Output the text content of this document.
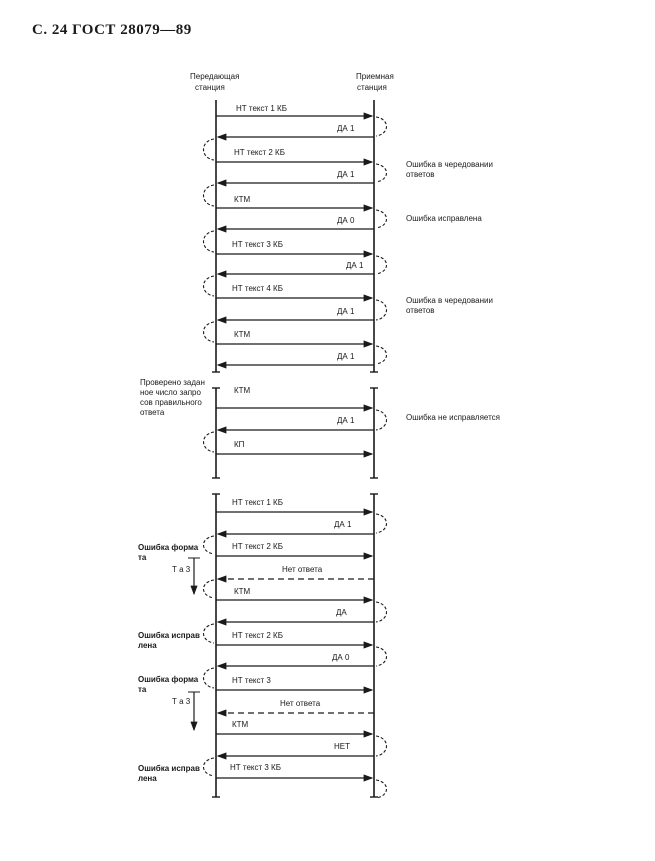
С. 24 ГОСТ 28079—89
Передающая
станция
Приемная
станция
НТ текст 1 КБ
ДА 1
НТ текст 2 КБ
ДА 1
КТМ
ДА 0
НТ текст 3 КБ
ДА 1
НТ текст 4 КБ
ДА 1
КТМ
ДА 1
КТМ
ДА 1
КП
Ошибка в чередовании
ответов
Ошибка исправлена
Ошибка в чередовании
ответов
Проверено задан
ное число запро
сов правильного
ответа
Ошибка не исправляется
НТ текст 1 КБ
ДА 1
НТ текст 2 КБ
Нет ответа
КТМ
ДА
НТ текст 2 КБ
ДА 0
НТ текст 3
Нет ответа
КТМ
НЕТ
НТ текст 3 КБ
Т а 3
Т а 3
Ошибка форма
та
Ошибка исправ
лена
Ошибка форма
та
Ошибка исправ
лена
